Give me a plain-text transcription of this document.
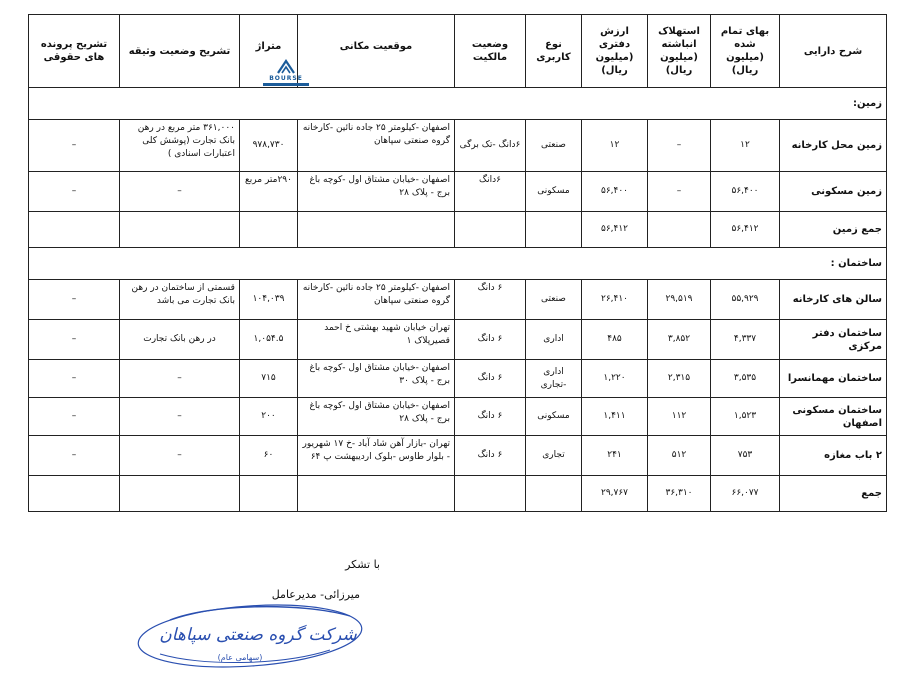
شرح دارایی	بهای تمام شده (میلیون ریال)	استهلاک انباشته (میلیون ریال)	ارزش دفتری (میلیون ریال)	نوع کاربری	وضعیت مالکیت	موقعیت مکانی	متراژ	تشریح وضعیت وثیقه	تشریح پرونده های حقوقی
زمین:									
زمین محل کارخانه	۱۲	–	۱۲	صنعتی	۶دانگ -تک برگی	اصفهان -کیلومتر ۲۵ جاده نائین -کارخانه گروه صنعتی سپاهان	۹۷۸,۷۳۰	۳۶۱,۰۰۰ متر مربع در رهن بانک تجارت (پوشش کلی اعتبارات اسنادی )	–
زمین مسکونی	۵۶,۴۰۰	–	۵۶,۴۰۰	مسکونی	۶دانگ	اصفهان -خیابان مشتاق اول -کوچه باغ برج - پلاک ۲۸	۲۹۰متر مربع	–	–
جمع زمین	۵۶,۴۱۲		۵۶,۴۱۲						
ساختمان :									
سالن های کارخانه	۵۵,۹۲۹	۲۹,۵۱۹	۲۶,۴۱۰	صنعتی	۶ دانگ	اصفهان -کیلومتر ۲۵ جاده نائین -کارخانه گروه صنعتی سپاهان	۱۰۴,۰۳۹	قسمتی از ساختمان در رهن بانک تجارت می باشد	–
ساختمان دفتر مرکزی	۴,۳۳۷	۳,۸۵۲	۴۸۵	اداری	۶ دانگ	تهران خیابان شهید بهشتی خ احمد قصیرپلاک ۱	۱,۰۵۴.۵	در رهن بانک تجارت	–
ساختمان مهمانسرا	۳,۵۳۵	۲,۳۱۵	۱,۲۲۰	اداری -تجاری	۶ دانگ	اصفهان -خیابان مشتاق اول -کوچه باغ برج - پلاک ۳۰	۷۱۵	–	–
ساختمان مسکونی اصفهان	۱,۵۲۳	۱۱۲	۱,۴۱۱	مسکونی	۶ دانگ	اصفهان -خیابان مشتاق اول -کوچه باغ برج - پلاک ۲۸	۲۰۰	–	–
۲ باب مغازه	۷۵۳	۵۱۲	۲۴۱	تجاری	۶ دانگ	تهران -بازار آهن شاد آباد -خ ۱۷ شهریور - بلوار طاوس -بلوک اردیبهشت پ ۶۴	۶۰	–	–
جمع	۶۶,۰۷۷	۳۶,۳۱۰	۲۹,۷۶۷						
BOURSE
با تشکر
میرزائی- مدیرعامل
شرکت گروه صنعتی سپاهان
(سهامی عام)
